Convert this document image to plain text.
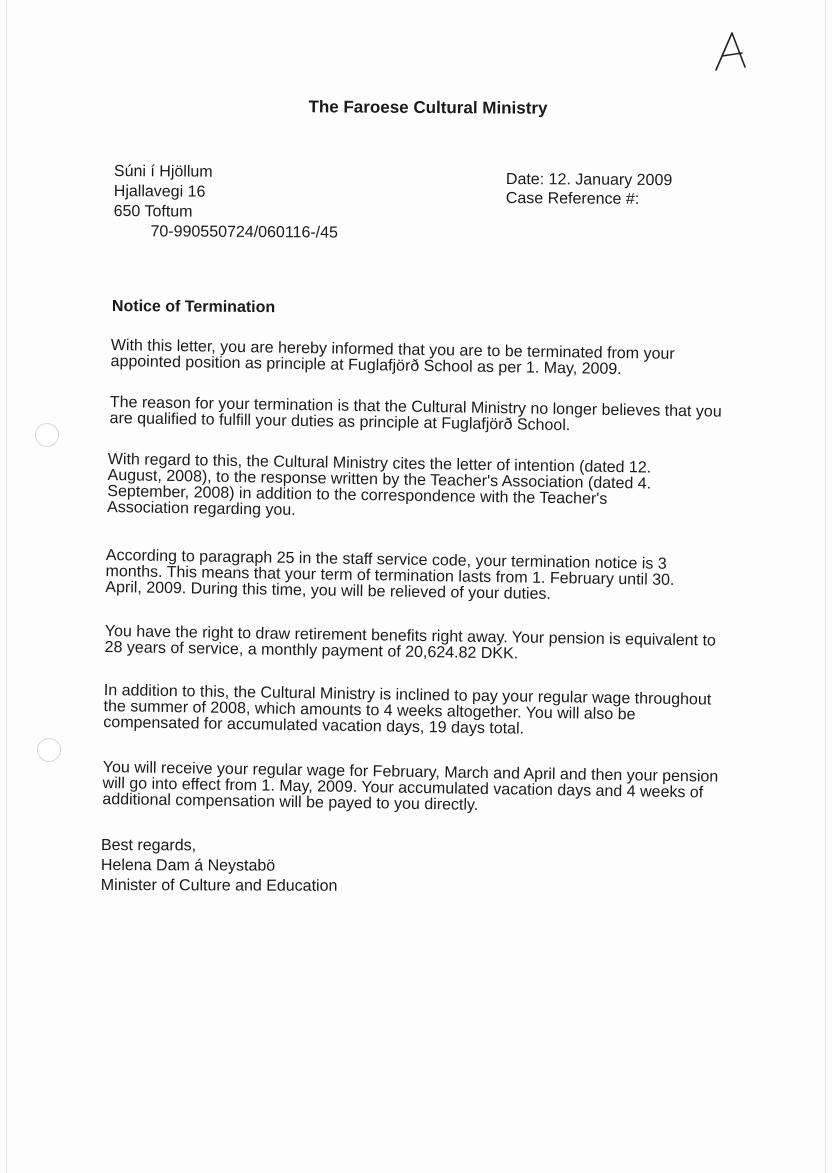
The Faroese Cultural Ministry
Súni í Hjöllum
Hjallavegi 16
650 Toftum
70-990550724/060116-/45
Date: 12. January 2009
Case Reference #:
Notice of Termination
With this letter, you are hereby informed that you are to be terminated from your appointed position as principle at Fuglafjörð School as per 1. May, 2009.
The reason for your termination is that the Cultural Ministry no longer believes that you are qualified to fulfill your duties as principle at Fuglafjörð School.
With regard to this, the Cultural Ministry cites the letter of intention (dated 12. August, 2008), to the response written by the Teacher's Association (dated 4. September, 2008) in addition to the correspondence with the Teacher's Association regarding you.
According to paragraph 25 in the staff service code, your termination notice is 3 months. This means that your term of termination lasts from 1. February until 30. April, 2009. During this time, you will be relieved of your duties.
You have the right to draw retirement benefits right away. Your pension is equivalent to 28 years of service, a monthly payment of 20,624.82 DKK.
In addition to this, the Cultural Ministry is inclined to pay your regular wage throughout the summer of 2008, which amounts to 4 weeks altogether. You will also be compensated for accumulated vacation days, 19 days total.
You will receive your regular wage for February, March and April and then your pension will go into effect from 1. May, 2009. Your accumulated vacation days and 4 weeks of additional compensation will be payed to you directly.
Best regards,
Helena Dam á Neystabö
Minister of Culture and Education
